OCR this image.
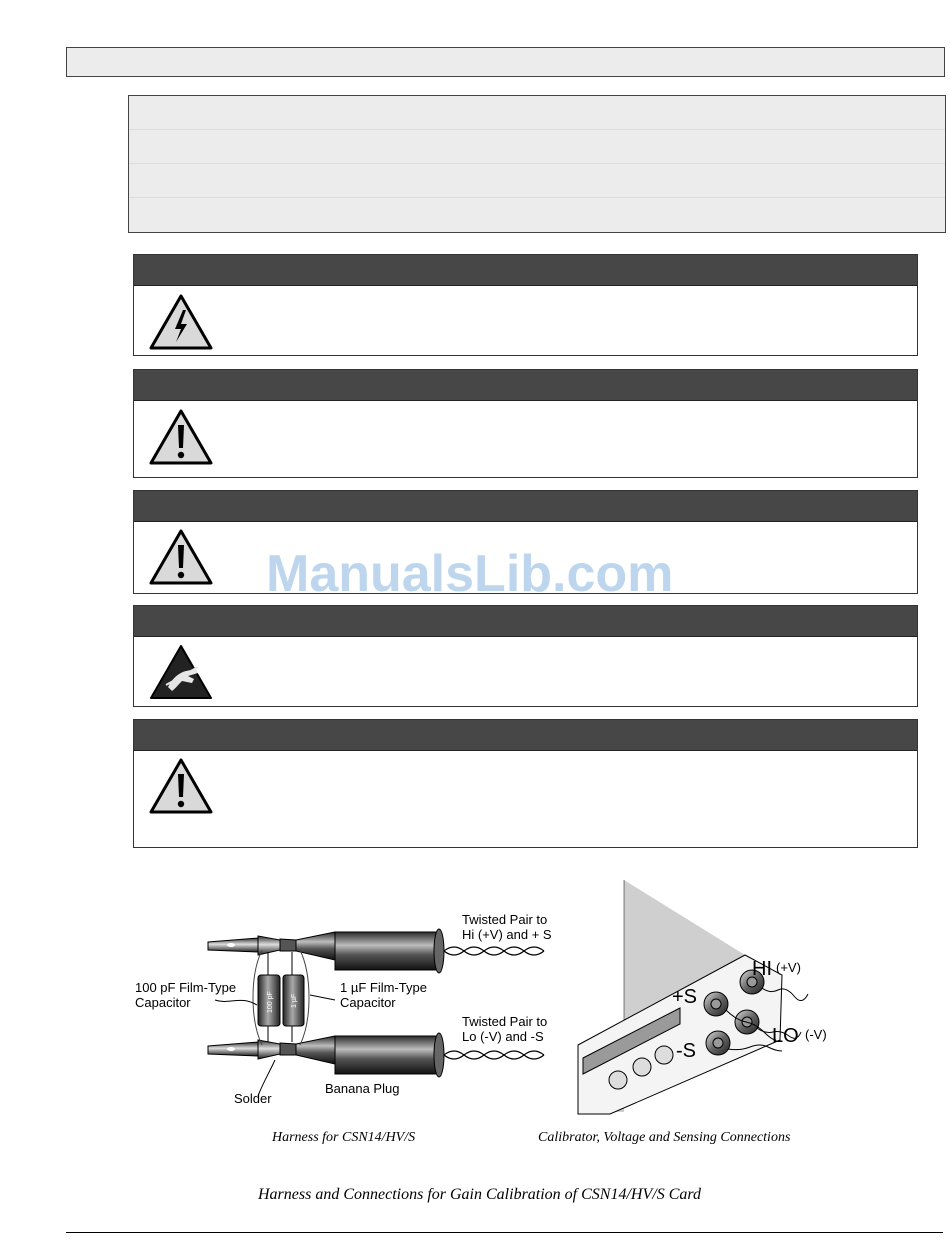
ManualsLib.com
100 pF 1 µF
Twisted Pair to
Hi (+V) and + S
Twisted Pair to
Lo (-V) and -S
100 pF Film-Type
Capacitor
1 µF Film-Type
Capacitor
Solder
Banana Plug
HI (+V)
+S
LO (-V)
-S
Harness for CSN14/HV/S	Calibrator, Voltage and Sensing Connections
Harness and Connections for Gain Calibration of CSN14/HV/S Card
